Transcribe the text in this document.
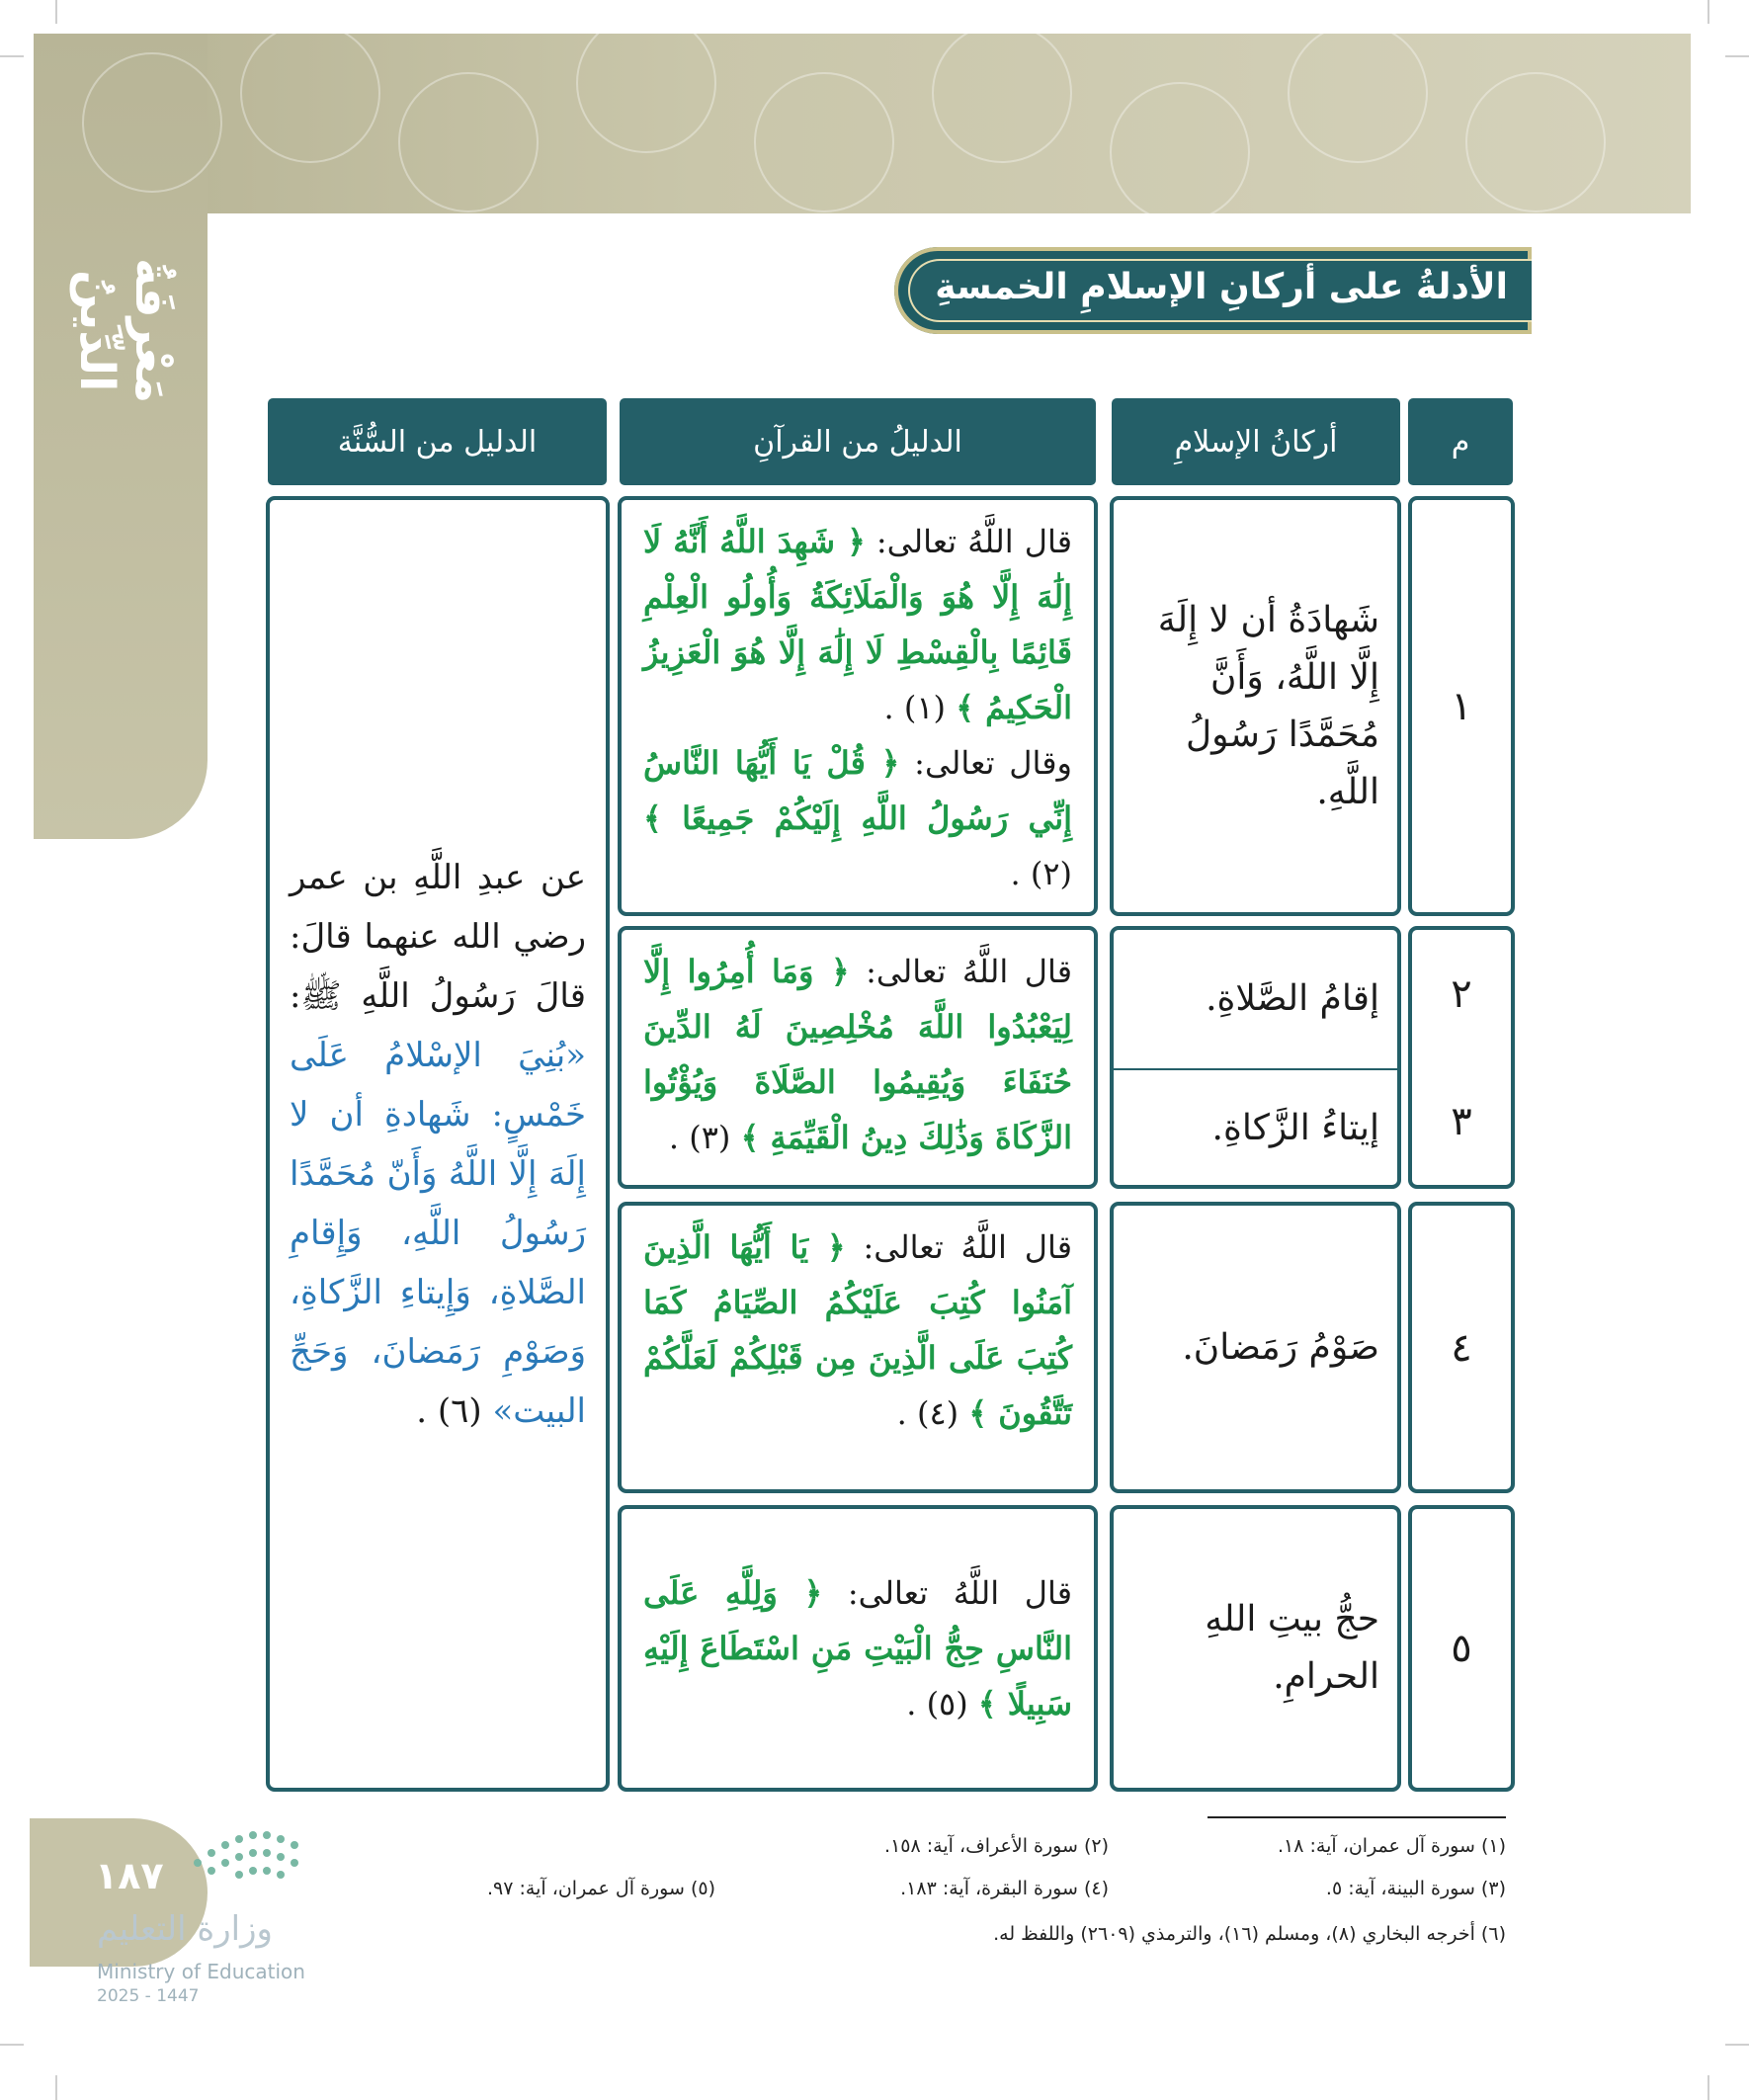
مَعْرِفَةُ الدِّينُ	الأدلةُ على أركانِ الإسلامِ الخمسةِ
م
أركانُ الإسلامِ
الدليلُ من القرآنِ
الدليل من السُّنَّة
١
شَهادَةُ أن لا إِلَهَ إِلَّا اللَّهُ، وَأَنَّ مُحَمَّدًا رَسُولُ اللَّهِ.
قال اللَّهُ تعالى: ﴿ شَهِدَ اللَّهُ أَنَّهُ لَا إِلَٰهَ إِلَّا هُوَ وَالْمَلَائِكَةُ وَأُولُو الْعِلْمِ قَائِمًا بِالْقِسْطِ لَا إِلَٰهَ إِلَّا هُوَ الْعَزِيزُ الْحَكِيمُ ﴾ (١) .
وقال تعالى: ﴿ قُلْ يَا أَيُّهَا النَّاسُ إِنِّي رَسُولُ اللَّهِ إِلَيْكُمْ جَمِيعًا ﴾ (٢) .
٢
٣
إقامُ الصَّلاةِ.
إيتاءُ الزَّكاةِ.
قال اللَّهُ تعالى: ﴿ وَمَا أُمِرُوا إِلَّا لِيَعْبُدُوا اللَّهَ مُخْلِصِينَ لَهُ الدِّينَ حُنَفَاءَ وَيُقِيمُوا الصَّلَاةَ وَيُؤْتُوا الزَّكَاةَ وَذَٰلِكَ دِينُ الْقَيِّمَةِ ﴾ (٣) .
٤
صَوْمُ رَمَضانَ.
قال اللَّهُ تعالى: ﴿ يَا أَيُّهَا الَّذِينَ آمَنُوا كُتِبَ عَلَيْكُمُ الصِّيَامُ كَمَا كُتِبَ عَلَى الَّذِينَ مِن قَبْلِكُمْ لَعَلَّكُمْ تَتَّقُونَ ﴾ (٤) .
٥
حجُّ بيتِ اللهِ الحرامِ.
قال اللَّهُ تعالى: ﴿ وَلِلَّهِ عَلَى النَّاسِ حِجُّ الْبَيْتِ مَنِ اسْتَطَاعَ إِلَيْهِ سَبِيلًا ﴾ (٥) .
عن عبدِ اللَّهِ بن عمر رضي الله عنهما قالَ: قالَ رَسُولُ اللَّهِ ﷺ: «بُنِيَ الإسْلامُ عَلَى خَمْسٍ: شَهادةِ أن لا إِلَهَ إِلَّا اللَّهُ وَأَنّ مُحَمَّدًا رَسُولُ اللَّهِ، وَإِقامِ الصَّلاةِ، وَإِيتاءِ الزَّكاةِ، وَصَوْمِ رَمَضانَ، وَحَجِّ البيت» (٦) .
(١) سورة آل عمران، آية: ١٨.
(٢) سورة الأعراف، آية: ١٥٨.
(٣) سورة البينة، آية: ٥.
(٤) سورة البقرة، آية: ١٨٣.
(٥) سورة آل عمران، آية: ٩٧.
(٦) أخرجه البخاري (٨)، ومسلم (١٦)، والترمذي (٢٦٠٩) واللفظ له.
١٨٧
وزارة التعليم
Ministry of Education
2025 - 1447
